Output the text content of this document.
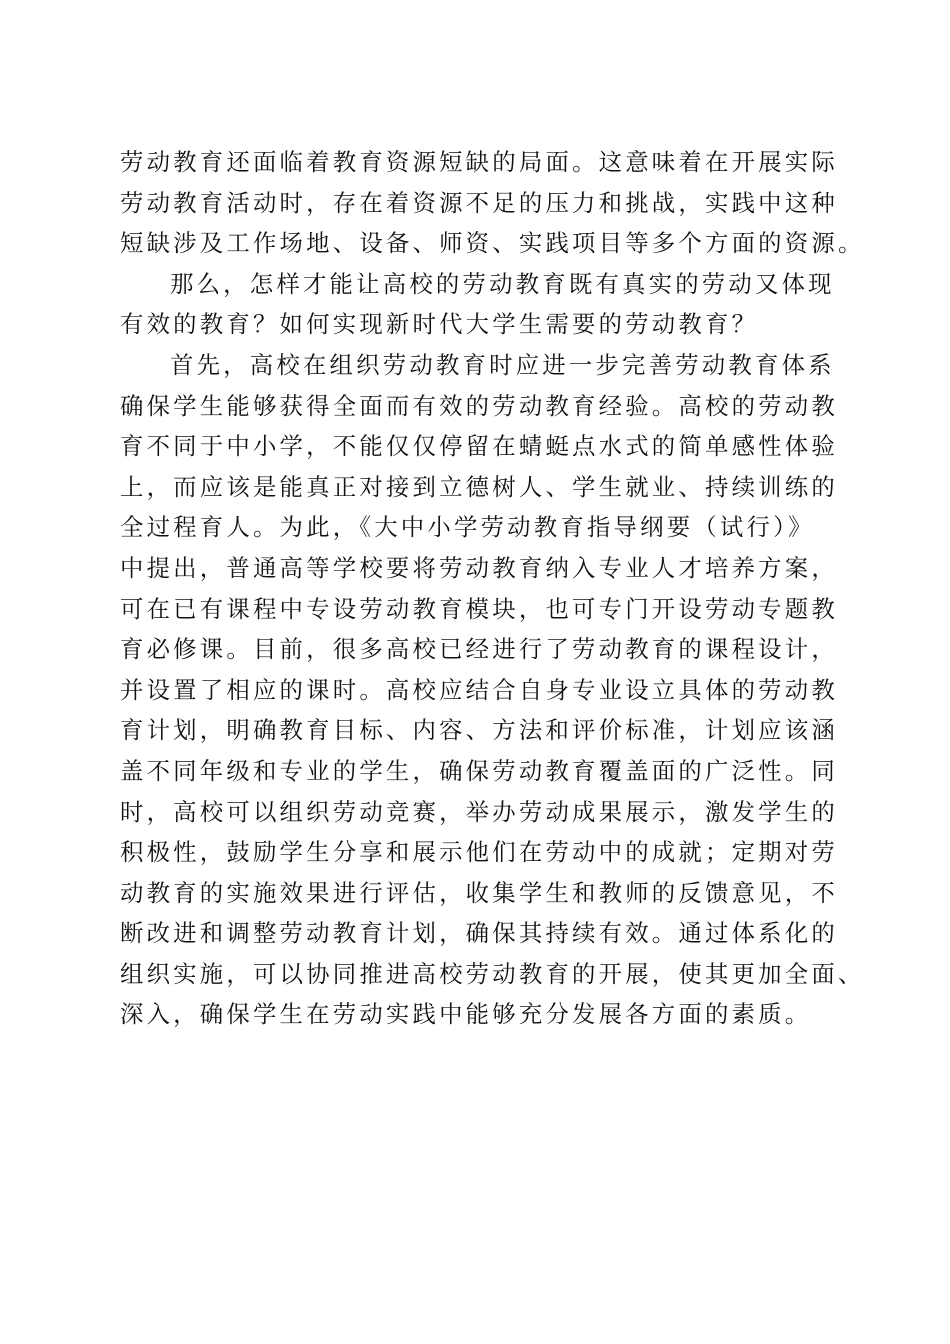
劳动教育还面临着教育资源短缺的局面。这意味着在开展实际
劳动教育活动时，存在着资源不足的压力和挑战，实践中这种
短缺涉及工作场地、设备、师资、实践项目等多个方面的资源。
那么，怎样才能让高校的劳动教育既有真实的劳动又体现
有效的教育？如何实现新时代大学生需要的劳动教育？
首先，高校在组织劳动教育时应进一步完善劳动教育体系
确保学生能够获得全面而有效的劳动教育经验。高校的劳动教
育不同于中小学，不能仅仅停留在蜻蜓点水式的简单感性体验
上，而应该是能真正对接到立德树人、学生就业、持续训练的
全过程育人。为此，《大中小学劳动教育指导纲要（试行）》
中提出，普通高等学校要将劳动教育纳入专业人才培养方案，
可在已有课程中专设劳动教育模块，也可专门开设劳动专题教
育必修课。目前，很多高校已经进行了劳动教育的课程设计，
并设置了相应的课时。高校应结合自身专业设立具体的劳动教
育计划，明确教育目标、内容、方法和评价标准，计划应该涵
盖不同年级和专业的学生，确保劳动教育覆盖面的广泛性。同
时，高校可以组织劳动竞赛，举办劳动成果展示，激发学生的
积极性，鼓励学生分享和展示他们在劳动中的成就；定期对劳
动教育的实施效果进行评估，收集学生和教师的反馈意见，不
断改进和调整劳动教育计划，确保其持续有效。通过体系化的
组织实施，可以协同推进高校劳动教育的开展，使其更加全面、
深入，确保学生在劳动实践中能够充分发展各方面的素质。
